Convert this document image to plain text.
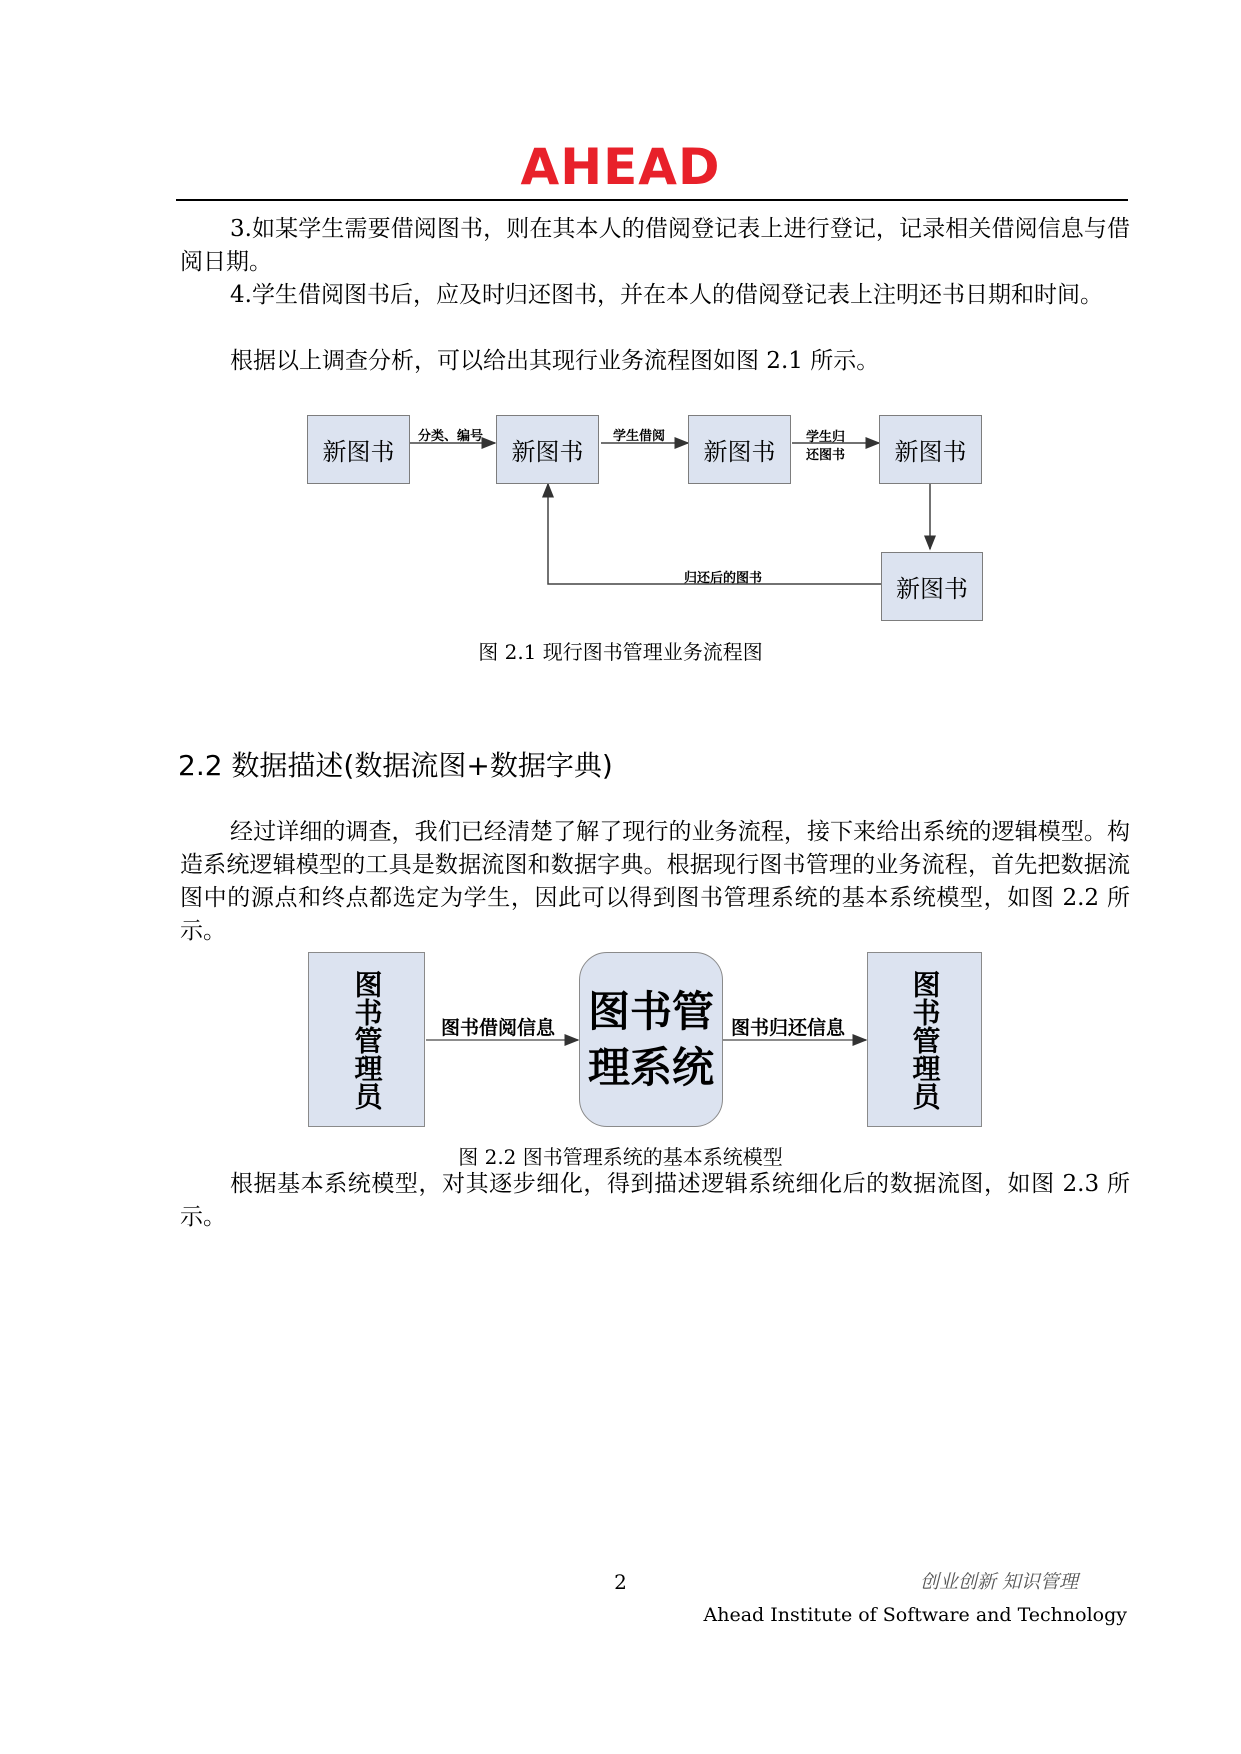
AHEAD

3.如某学生需要借阅图书，则在其本人的借阅登记表上进行登记，记录相关借阅信息与借阅日期。

4.学生借阅图书后，应及时归还图书，并在本人的借阅登记表上注明还书日期和时间。

根据以上调查分析，可以给出其现行业务流程图如图 2.1 所示。

新图书	新图书	新图书	新图书
新图书
分类、编号	学生借阅	学生归
还图书
归还后的图书
图 2.1 现行图书管理业务流程图
2.2 数据描述(数据流图+数据字典)

经过详细的调查，我们已经清楚了解了现行的业务流程，接下来给出系统的逻辑模型。构造系统逻辑模型的工具是数据流图和数据字典。根据现行图书管理的业务流程，首先把数据流图中的源点和终点都选定为学生，因此可以得到图书管理系统的基本系统模型，如图 2.2 所示。

图书管理员	图书管
理系统	图书管理员
图书借阅信息	图书归还信息
图 2.2 图书管理系统的基本系统模型

根据基本系统模型，对其逐步细化，得到描述逻辑系统细化后的数据流图，如图 2.3 所示。

2	创业创新 知识管理
Ahead Institute of Software and Technology
